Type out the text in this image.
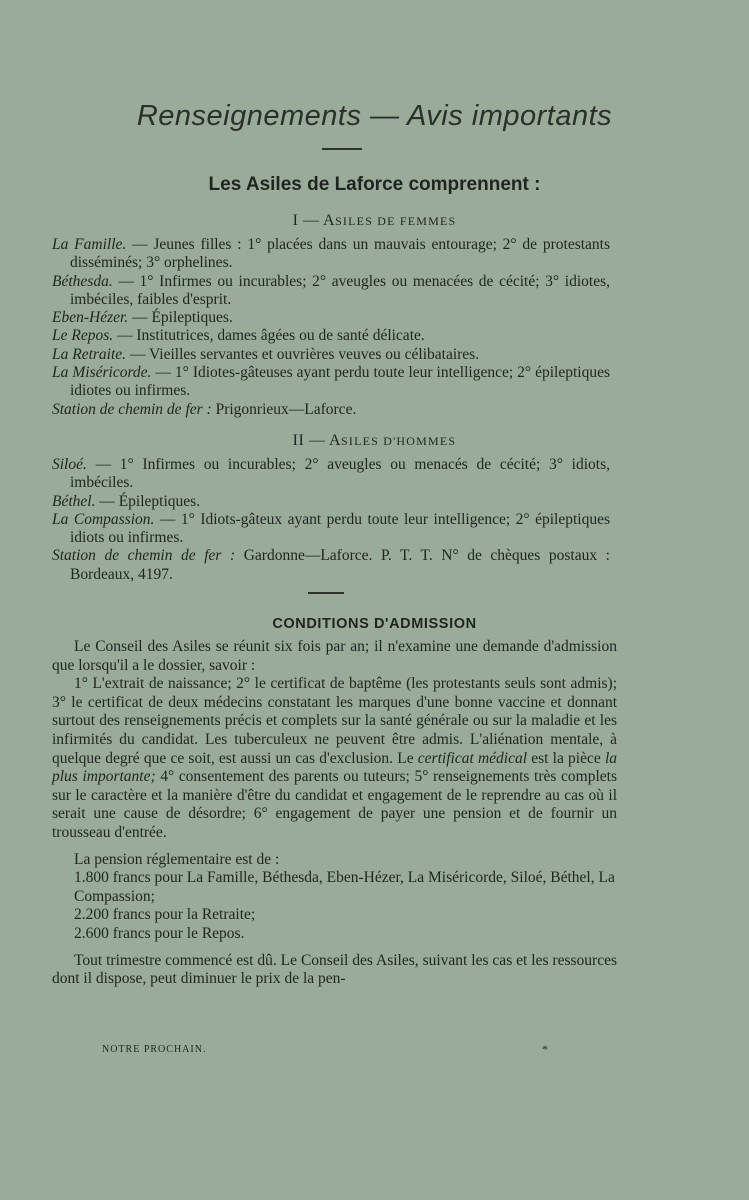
Renseignements — Avis importants
Les Asiles de Laforce comprennent :
I — ASILES DE FEMMES
La Famille. — Jeunes filles : 1° placées dans un mauvais entourage; 2° de protestants disséminés; 3° orphelines.
Béthesda. — 1° Infirmes ou incurables; 2° aveugles ou menacées de cécité; 3° idiotes, imbéciles, faibles d'esprit.
Eben-Hézer. — Épileptiques.
Le Repos. — Institutrices, dames âgées ou de santé délicate.
La Retraite. — Vieilles servantes et ouvrières veuves ou célibataires.
La Miséricorde. — 1° Idiotes-gâteuses ayant perdu toute leur intelligence; 2° épileptiques idiotes ou infirmes.
Station de chemin de fer : Prigonrieux—Laforce.
II — ASILES D'HOMMES
Siloé. — 1° Infirmes ou incurables; 2° aveugles ou menacés de cécité; 3° idiots, imbéciles.
Béthel. — Épileptiques.
La Compassion. — 1° Idiots-gâteux ayant perdu toute leur intelligence; 2° épileptiques idiots ou infirmes.
Station de chemin de fer : Gardonne—Laforce. P. T. T. N° de chèques postaux : Bordeaux, 4197.
CONDITIONS D'ADMISSION

Le Conseil des Asiles se réunit six fois par an; il n'examine une demande d'admission que lorsqu'il a le dossier, savoir :

1° L'extrait de naissance; 2° le certificat de baptême (les protestants seuls sont admis); 3° le certificat de deux médecins constatant les marques d'une bonne vaccine et donnant surtout des renseignements précis et complets sur la santé générale ou sur la maladie et les infirmités du candidat. Les tuberculeux ne peuvent être admis. L'aliénation mentale, à quelque degré que ce soit, est aussi un cas d'exclusion. Le certificat médical est la pièce la plus importante; 4° consentement des parents ou tuteurs; 5° renseignements très complets sur le caractère et la manière d'être du candidat et engagement de le reprendre au cas où il serait une cause de désordre; 6° engagement de payer une pension et de fournir un trousseau d'entrée.

La pension réglementaire est de :

1.800 francs pour La Famille, Béthesda, Eben-Hézer, La Miséricorde, Siloé, Béthel, La Compassion;

2.200 francs pour la Retraite;

2.600 francs pour le Repos.

Tout trimestre commencé est dû. Le Conseil des Asiles, suivant les cas et les ressources dont il dispose, peut diminuer le prix de la pen-

NOTRE PROCHAIN.	*
